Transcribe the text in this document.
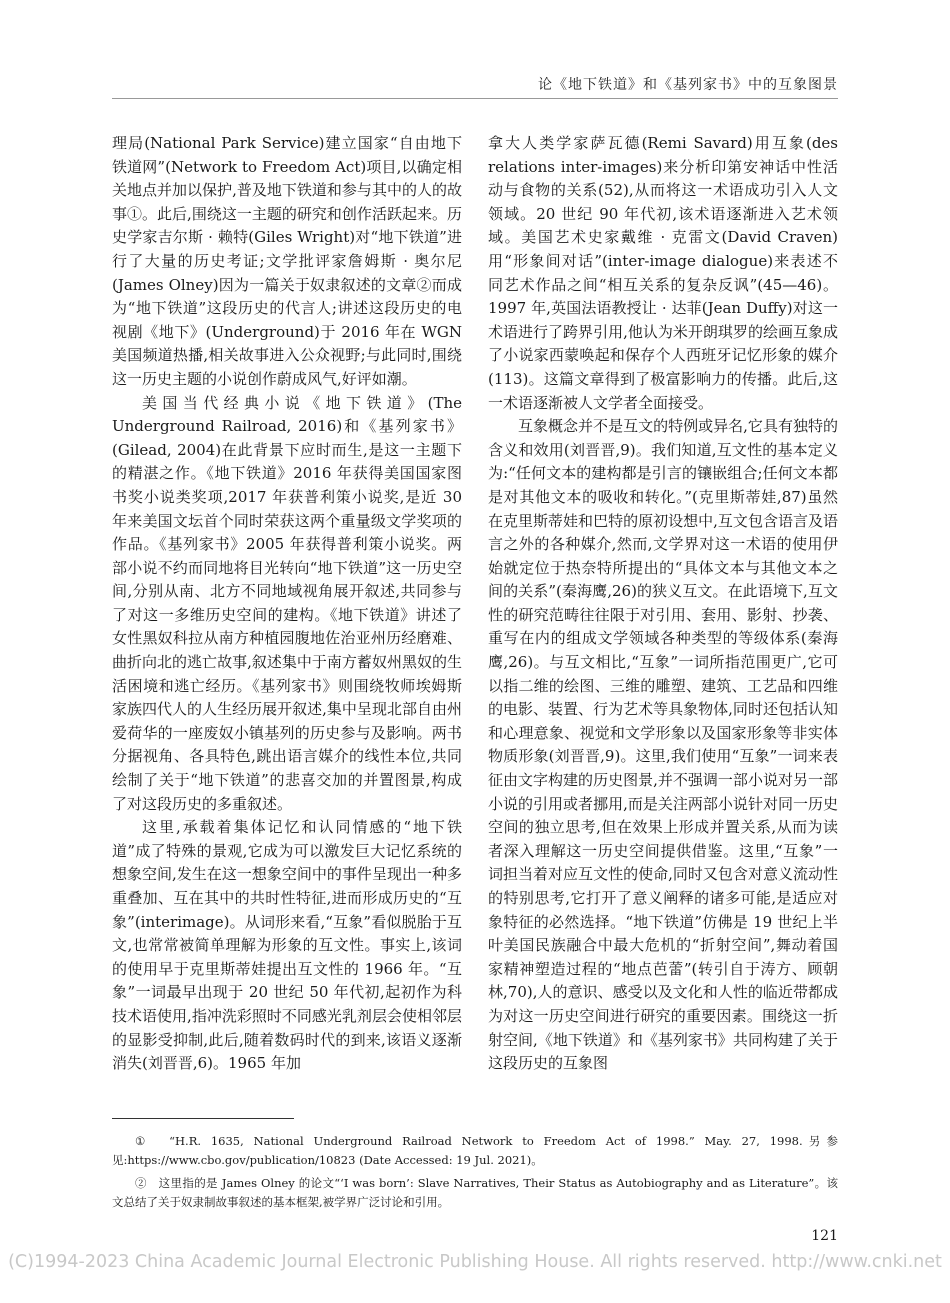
论《地下铁道》和《基列家书》中的互象图景

理局(National Park Service)建立国家“自由地下铁道网”(Network to Freedom Act)项目,以确定相关地点并加以保护,普及地下铁道和参与其中的人的故事①。此后,围绕这一主题的研究和创作活跃起来。历史学家吉尔斯 · 赖特(Giles Wright)对“地下铁道”进行了大量的历史考证;文学批评家詹姆斯 · 奥尔尼(James Olney)因为一篇关于奴隶叙述的文章②而成为“地下铁道”这段历史的代言人;讲述这段历史的电视剧《地下》(Underground)于 2016 年在 WGN 美国频道热播,相关故事进入公众视野;与此同时,围绕这一历史主题的小说创作蔚成风气,好评如潮。

美国当代经典小说《地下铁道》(The Underground Railroad, 2016)和《基列家书》(Gilead, 2004)在此背景下应时而生,是这一主题下的精湛之作。《地下铁道》2016 年获得美国国家图书奖小说类奖项,2017 年获普利策小说奖,是近 30 年来美国文坛首个同时荣获这两个重量级文学奖项的作品。《基列家书》2005 年获得普利策小说奖。两部小说不约而同地将目光转向“地下铁道”这一历史空间,分别从南、北方不同地域视角展开叙述,共同参与了对这一多维历史空间的建构。《地下铁道》讲述了女性黑奴科拉从南方种植园腹地佐治亚州历经磨难、曲折向北的逃亡故事,叙述集中于南方蓄奴州黑奴的生活困境和逃亡经历。《基列家书》则围绕牧师埃姆斯家族四代人的人生经历展开叙述,集中呈现北部自由州爱荷华的一座废奴小镇基列的历史参与及影响。两书分据视角、各具特色,跳出语言媒介的线性本位,共同绘制了关于“地下铁道”的悲喜交加的并置图景,构成了对这段历史的多重叙述。

这里,承载着集体记忆和认同情感的“地下铁道”成了特殊的景观,它成为可以激发巨大记忆系统的想象空间,发生在这一想象空间中的事件呈现出一种多重叠加、互在其中的共时性特征,进而形成历史的“互象”(interimage)。从词形来看,“互象”看似脱胎于互文,也常常被简单理解为形象的互文性。事实上,该词的使用早于克里斯蒂娃提出互文性的 1966 年。“互象”一词最早出现于 20 世纪 50 年代初,起初作为科技术语使用,指冲洗彩照时不同感光乳剂层会使相邻层的显影受抑制,此后,随着数码时代的到来,该语义逐渐消失(刘晋晋,6)。1965 年加

拿大人类学家萨瓦德(Remi Savard)用互象(des relations inter-images)来分析印第安神话中性活动与食物的关系(52),从而将这一术语成功引入人文领域。20 世纪 90 年代初,该术语逐渐进入艺术领域。美国艺术史家戴维 · 克雷文(David Craven)用“形象间对话”(inter-image dialogue)来表述不同艺术作品之间“相互关系的复杂反讽”(45—46)。1997 年,英国法语教授让 · 达菲(Jean Duffy)对这一术语进行了跨界引用,他认为米开朗琪罗的绘画互象成了小说家西蒙唤起和保存个人西班牙记忆形象的媒介(113)。这篇文章得到了极富影响力的传播。此后,这一术语逐渐被人文学者全面接受。

互象概念并不是互文的特例或异名,它具有独特的含义和效用(刘晋晋,9)。我们知道,互文性的基本定义为:“任何文本的建构都是引言的镶嵌组合;任何文本都是对其他文本的吸收和转化。”(克里斯蒂娃,87)虽然在克里斯蒂娃和巴特的原初设想中,互文包含语言及语言之外的各种媒介,然而,文学界对这一术语的使用伊始就定位于热奈特所提出的“具体文本与其他文本之间的关系”(秦海鹰,26)的狭义互文。在此语境下,互文性的研究范畴往往限于对引用、套用、影射、抄袭、重写在内的组成文学领域各种类型的等级体系(秦海鹰,26)。与互文相比,“互象”一词所指范围更广,它可以指二维的绘图、三维的雕塑、建筑、工艺品和四维的电影、装置、行为艺术等具象物体,同时还包括认知和心理意象、视觉和文学形象以及国家形象等非实体物质形象(刘晋晋,9)。这里,我们使用“互象”一词来表征由文字构建的历史图景,并不强调一部小说对另一部小说的引用或者挪用,而是关注两部小说针对同一历史空间的独立思考,但在效果上形成并置关系,从而为读者深入理解这一历史空间提供借鉴。这里,“互象”一词担当着对应互文性的使命,同时又包含对意义流动性的特别思考,它打开了意义阐释的诸多可能,是适应对象特征的必然选择。“地下铁道”仿佛是 19 世纪上半叶美国民族融合中最大危机的“折射空间”,舞动着国家精神塑造过程的“地点芭蕾”(转引自于涛方、顾朝林,70),人的意识、感受以及文化和人性的临近带都成为对这一历史空间进行研究的重要因素。围绕这一折射空间,《地下铁道》和《基列家书》共同构建了关于这段历史的互象图

①　“H.R. 1635, National Underground Railroad Network to Freedom Act of 1998.” May. 27, 1998.另参见:https://www.cbo.gov/publication/10823 (Date Accessed: 19 Jul. 2021)。

②　这里指的是 James Olney 的论文“‘I was born’: Slave Narratives, Their Status as Autobiography and as Literature”。该文总结了关于奴隶制故事叙述的基本框架,被学界广泛讨论和引用。

121
(C)1994-2023 China Academic Journal Electronic Publishing House. All rights reserved. http://www.cnki.net
